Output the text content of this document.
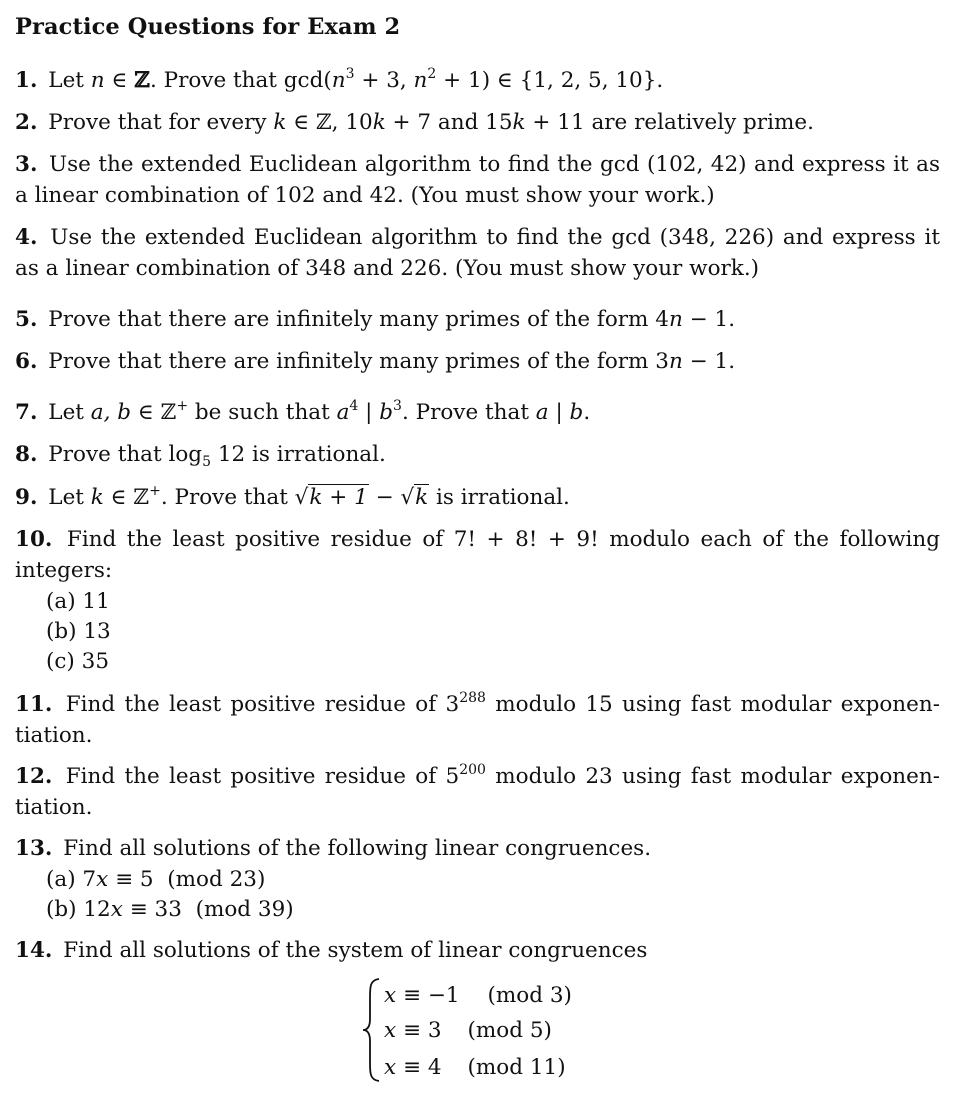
Practice Questions for Exam 2
1. Let n ∈ ℤ. Prove that $\gcd(n^3 + 3$, $n^2 + 1$) ∈ {1, 2, 5, 10}.
2. Prove that for every k ∈ ℤ, 10k + 7 and 15k + 11 are relatively prime.
3. Use the extended Euclidean algorithm to find the gcd (102, 42) and express it as a linear combination of 102 and 42. (You must show your work.)
4. Use the extended Euclidean algorithm to find the gcd (348, 226) and express it as a linear combination of 348 and 226. (You must show your work.)
5. Prove that there are infinitely many primes of the form 4n − 1.
6. Prove that there are infinitely many primes of the form 3n − 1.
7. Let a, b ∈ ℤ+ be such that $a^4$ | $b^3$. Prove that a | b.
8. Prove that $\log_5 12$ is irrational.
9. Let k ∈ ℤ+. Prove that √k + 1 − √k is irrational.
10. Find the least positive residue of 7! + 8! + 9! modulo each of the following integers:
(a) 11
(b) 13
(c) 35
11. Find the least positive residue of $3^{288}$ modulo 15 using fast modular exponen-tiation.
12. Find the least positive residue of $5^{200}$ modulo 23 using fast modular exponen-tiation.
13. Find all solutions of the following linear congruences.
(a) 7x ≡ 5  (mod 23)
(b) 12x ≡ 33  (mod 39)
14. Find all solutions of the system of linear congruences
x ≡ −1 (mod 3)
x ≡ 3 (mod 5)
x ≡ 4 (mod 11)
